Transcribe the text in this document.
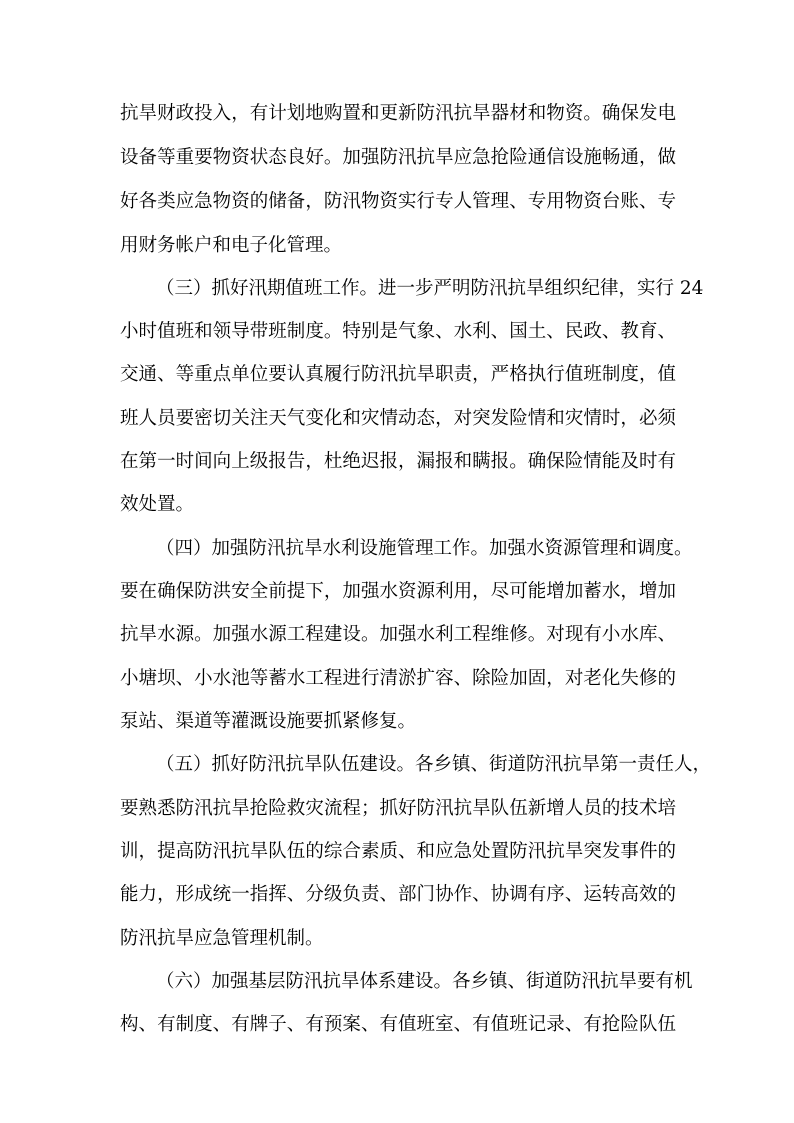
抗旱财政投入，有计划地购置和更新防汛抗旱器材和物资。确保发电
设备等重要物资状态良好。加强防汛抗旱应急抢险通信设施畅通，做
好各类应急物资的储备，防汛物资实行专人管理、专用物资台账、专
用财务帐户和电子化管理。
（三）抓好汛期值班工作。进一步严明防汛抗旱组织纪律，实行 24
小时值班和领导带班制度。特别是气象、水利、国土、民政、教育、
交通、等重点单位要认真履行防汛抗旱职责，严格执行值班制度，值
班人员要密切关注天气变化和灾情动态，对突发险情和灾情时，必须
在第一时间向上级报告，杜绝迟报，漏报和瞒报。确保险情能及时有
效处置。
（四）加强防汛抗旱水利设施管理工作。加强水资源管理和调度。
要在确保防洪安全前提下，加强水资源利用，尽可能增加蓄水，增加
抗旱水源。加强水源工程建设。加强水利工程维修。对现有小水库、
小塘坝、小水池等蓄水工程进行清淤扩容、除险加固，对老化失修的
泵站、渠道等灌溉设施要抓紧修复。
（五）抓好防汛抗旱队伍建设。各乡镇、街道防汛抗旱第一责任人，
要熟悉防汛抗旱抢险救灾流程；抓好防汛抗旱队伍新增人员的技术培
训，提高防汛抗旱队伍的综合素质、和应急处置防汛抗旱突发事件的
能力，形成统一指挥、分级负责、部门协作、协调有序、运转高效的
防汛抗旱应急管理机制。
（六）加强基层防汛抗旱体系建设。各乡镇、街道防汛抗旱要有机
构、有制度、有牌子、有预案、有值班室、有值班记录、有抢险队伍
